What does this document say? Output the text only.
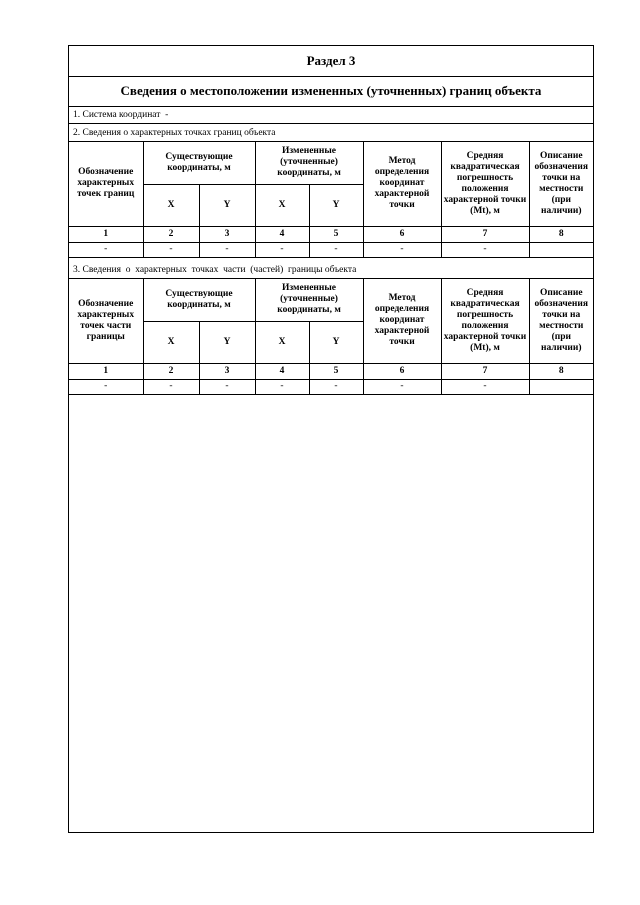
Раздел 3
Сведения о местоположении измененных (уточненных) границ объекта
1. Система координат  -
2. Сведения о характерных точках границ объекта
Обозначение характерных точек границ	Существующие координаты, м		Измененные (уточненные) координаты, м		Метод определения координат характерной точки	Средняя квадратическая погрешность положения характерной точки (Mt), м	Описание обозначения точки на местности (при наличии)
	X	Y	X	Y			
1	2	3	4	5	6	7	8
-	-	-	-	-	-	-	
3. Сведения  о  характерных  точках  части  (частей)  границы объекта
Обозначение характерных точек части границы	Существующие координаты, м		Измененные (уточненные) координаты, м		Метод определения координат характерной точки	Средняя квадратическая погрешность положения характерной точки (Mt), м	Описание обозначения точки на местности (при наличии)
	X	Y	X	Y			
1	2	3	4	5	6	7	8
-	-	-	-	-	-	-	
